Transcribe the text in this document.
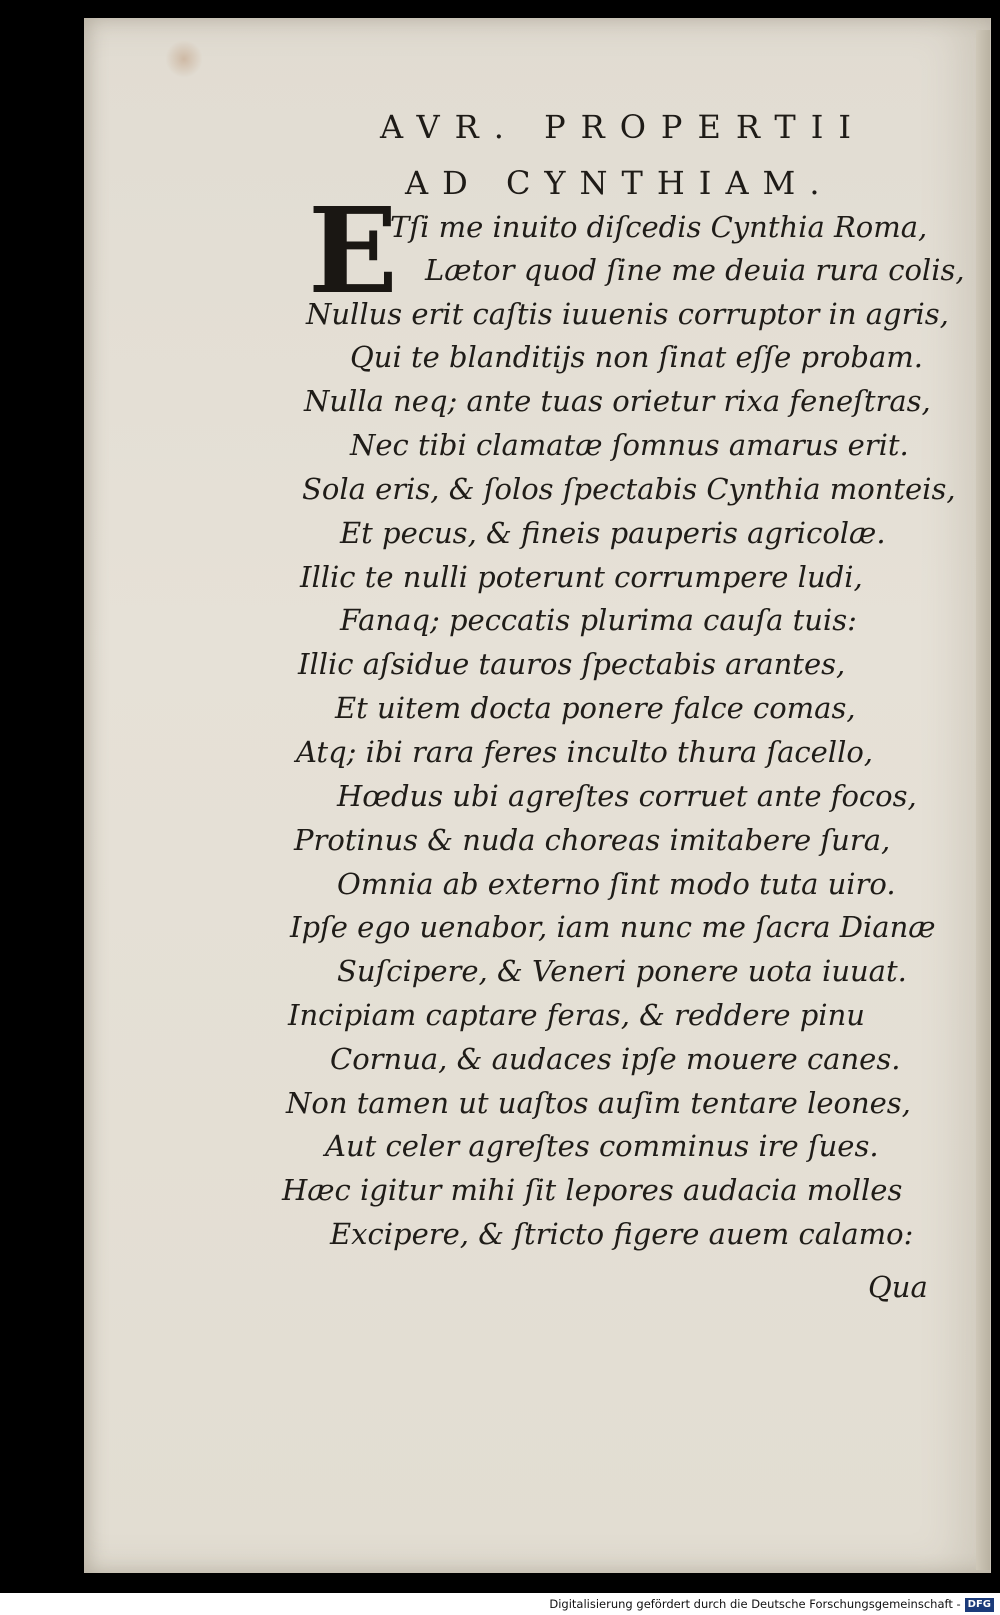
AVR. PROPERTII
AD CYNTHIAM.
E
Tſi me inuito diſcedis Cynthia Roma,
Lætor quod ſine me deuia rura colis,
Nullus erit caſtis iuuenis corruptor in agris,
Qui te blanditijs non ſinat eſſe probam.
Nulla neq; ante tuas orietur rixa feneſtras,
Nec tibi clamatæ ſomnus amarus erit.
Sola eris, & ſolos ſpectabis Cynthia monteis,
Et pecus, & fineis pauperis agricolæ.
Illic te nulli poterunt corrumpere ludi,
Fanaq; peccatis plurima cauſa tuis:
Illic aſsidue tauros ſpectabis arantes,
Et uitem docta ponere falce comas,
Atq; ibi rara feres inculto thura ſacello,
Hœdus ubi agreſtes corruet ante focos,
Protinus & nuda choreas imitabere ſura,
Omnia ab externo ſint modo tuta uiro.
Ipſe ego uenabor, iam nunc me ſacra Dianæ
Suſcipere, & Veneri ponere uota iuuat.
Incipiam captare feras, & reddere pinu
Cornua, & audaces ipſe mouere canes.
Non tamen ut uaſtos auſim tentare leones,
Aut celer agreſtes comminus ire ſues.
Hæc igitur mihi ſit lepores audacia molles
Excipere, & ſtricto figere auem calamo:
Qua
Digitalisierung gefördert durch die Deutsche Forschungsgemeinschaft - DFG
